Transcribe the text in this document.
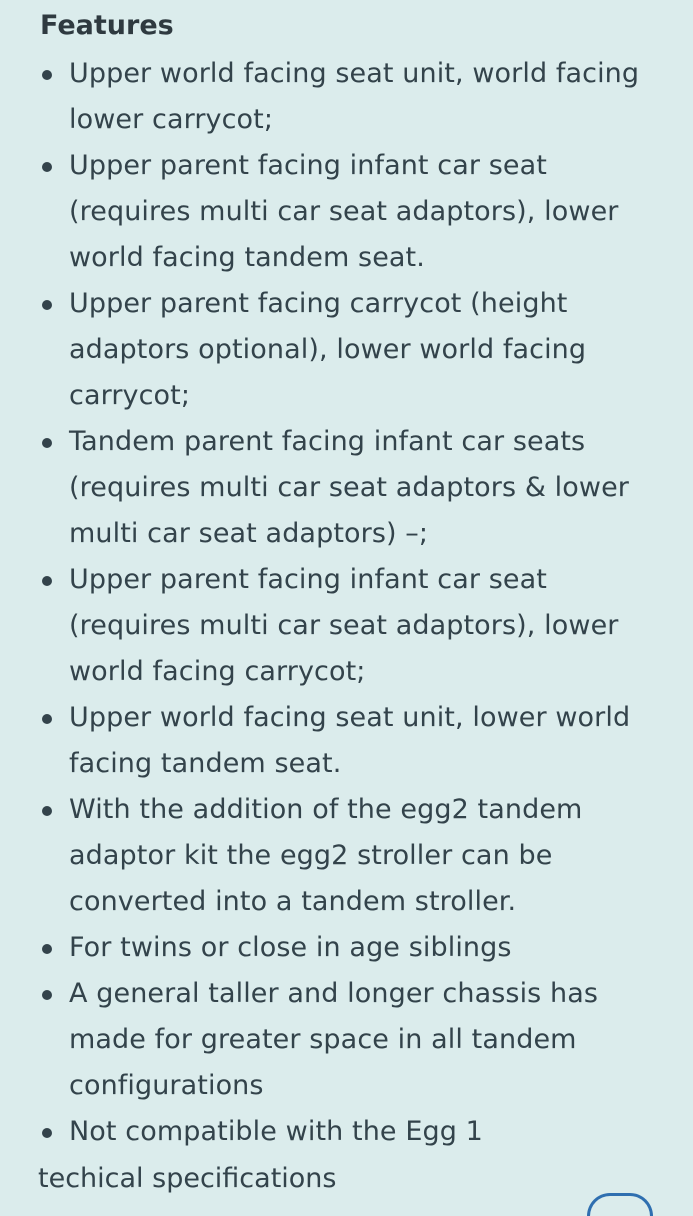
Features
Upper world facing seat unit, world facing lower carrycot;
Upper parent facing infant car seat (requires multi car seat adaptors), lower world facing tandem seat.
Upper parent facing carrycot (height adaptors optional), lower world facing carrycot;
Tandem parent facing infant car seats (requires multi car seat adaptors & lower multi car seat adaptors) –;
Upper parent facing infant car seat (requires multi car seat adaptors), lower world facing carrycot;
Upper world facing seat unit, lower world facing tandem seat.
With the addition of the egg2 tandem adaptor kit the egg2 stroller can be converted into a tandem stroller.
For twins or close in age siblings
A general taller and longer chassis has made for greater space in all tandem configurations
Not compatible with the Egg 1

techical specifications
